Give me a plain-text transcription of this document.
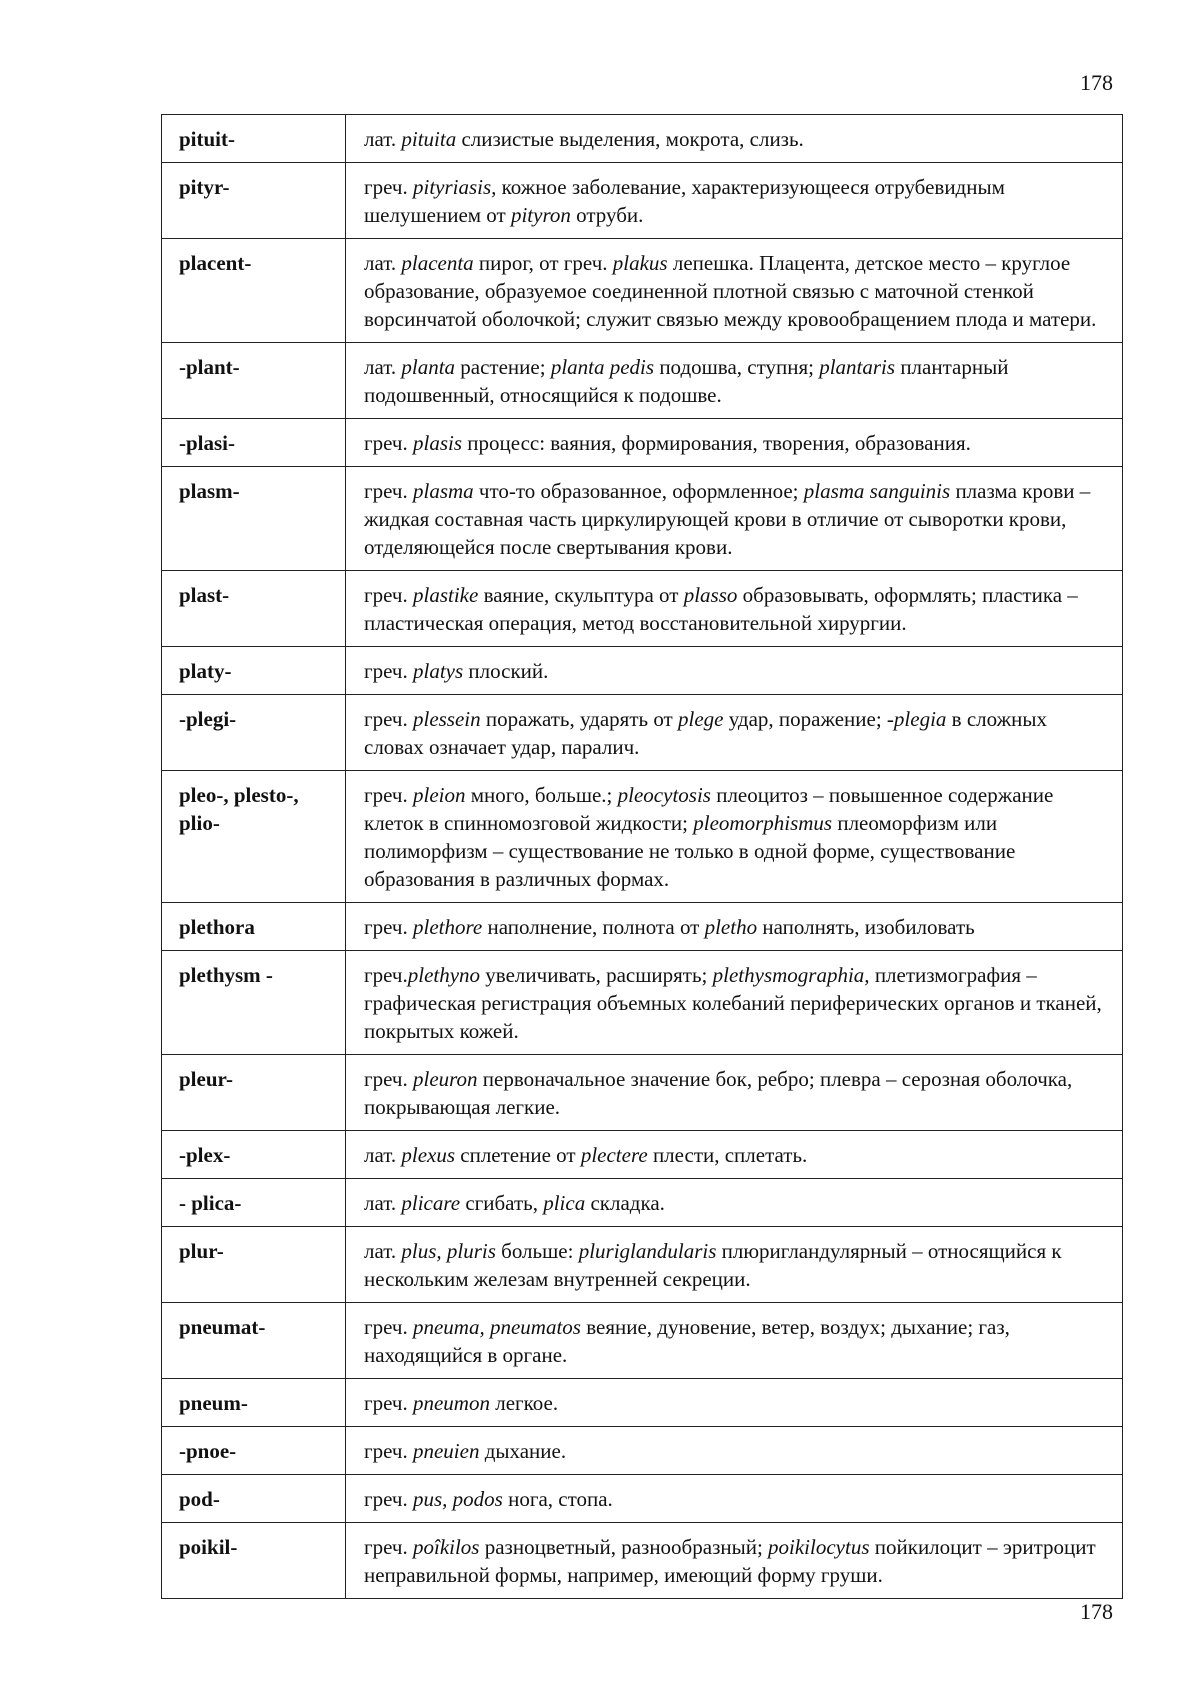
178
pituit-	лат. pituita слизистые выделения, мокрота, слизь.
pityr-	греч. pityriasis, кожное заболевание, характеризующееся отрубевидным шелушением от pityron отруби.
placent-	лат. placenta пирог, от греч. plakus лепешка. Плацента, детское место – круглое образование, образуемое соединенной плотной связью с маточной стенкой ворсинчатой оболочкой; служит связью между кровообращением плода и матери.
-plant-	лат. planta растение; planta pedis подошва, ступня; plantaris плантарный подошвенный, относящийся к подошве.
-plasi-	греч. plasis процесс: ваяния, формирования, творения, образования.
plasm-	греч. plasma что-то образованное, оформленное; plasma sanguinis плазма крови – жидкая составная часть циркулирующей крови в отличие от сыворотки крови, отделяющейся после свертывания крови.
plast-	греч. plastike ваяние, скульптура от plasso образовывать, оформлять; пластика – пластическая операция, метод восстановительной хирургии.
platy-	греч. platys плоский.
-plegi-	греч. plessein поражать, ударять от plege удар, поражение; -plegia в сложных словах означает удар, паралич.
pleo-, plesto-, plio-	греч. pleion много, больше.; pleocytosis плеоцитоз – повышенное содержание клеток в спинномозговой жидкости; pleomorphismus плеоморфизм или полиморфизм – существование не только в одной форме, существование образования в различных формах.
plethora	греч. plethore наполнение, полнота от pletho наполнять, изобиловать
plethysm -	греч.plethyno увеличивать, расширять; plethysmographia, плетизмография – графическая регистрация объемных колебаний периферических органов и тканей, покрытых кожей.
pleur-	греч. pleuron первоначальное значение бок, ребро; плевра – серозная оболочка, покрывающая легкие.
-plex-	лат. plexus сплетение от plectere плести, сплетать.
- plica-	лат. plicare сгибать, plica складка.
plur-	лат. plus, pluris больше: pluriglandularis плюригландулярный – относящийся к нескольким железам внутренней секреции.
pneumat-	греч. pneuma, pneumatos веяние, дуновение, ветер, воздух; дыхание; газ, находящийся в органе.
pneum-	греч. pneumon легкое.
-pnoe-	греч. pneuien дыхание.
pod-	греч. pus, podos нога, стопа.
poikil-	греч. poîkilos разноцветный, разнообразный; poikilocytus пойкилоцит – эритроцит неправильной формы, например, имеющий форму груши.
178
